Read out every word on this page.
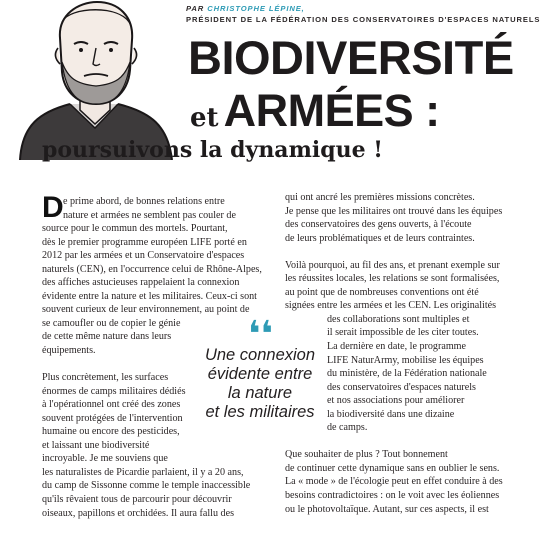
PAR CHRISTOPHE LÉPINE,
PRÉSIDENT DE LA FÉDÉRATION DES CONSERVATOIRES D'ESPACES NATURELS
BIODIVERSITÉ
et ARMÉES :
poursuivons la dynamique !
D e prime abord, de bonnes relations entre
nature et armées ne semblent pas couler de
source pour le commun des mortels. Pourtant,
dès le premier programme européen LIFE porté en
2012 par les armées et un Conservatoire d'espaces
naturels (CEN), en l'occurrence celui de Rhône-Alpes,
des affiches astucieuses rappelaient la connexion
évidente entre la nature et les militaires. Ceux-ci sont
souvent curieux de leur environnement, au point de
se camoufler ou de copier le génie
de cette même nature dans leurs
équipements.

Plus concrètement, les surfaces
énormes de camps militaires dédiés
à l'opérationnel ont créé des zones
souvent protégées de l'intervention
humaine ou encore des pesticides,
et laissant une biodiversité
incroyable. Je me souviens que
les naturalistes de Picardie parlaient, il y a 20 ans,
du camp de Sissonne comme le temple inaccessible
qu'ils rêvaient tous de parcourir pour découvrir
oiseaux, papillons et orchidées. Il aura fallu des

qui ont ancré les premières missions concrètes.
Je pense que les militaires ont trouvé dans les équipes
des conservatoires des gens ouverts, à l'écoute
de leurs problématiques et de leurs contraintes.

Voilà pourquoi, au fil des ans, et prenant exemple sur
les réussites locales, les relations se sont formalisées,
au point que de nombreuses conventions ont été
signées entre les armées et les CEN. Les originalités
des collaborations sont multiples et
il serait impossible de les citer toutes.
La dernière en date, le programme
LIFE NaturArmy, mobilise les équipes
du ministère, de la Fédération nationale
des conservatoires d'espaces naturels
et nos associations pour améliorer
la biodiversité dans une dizaine
de camps.

Que souhaiter de plus ? Tout bonnement
de continuer cette dynamique sans en oublier le sens.
La « mode » de l'écologie peut en effet conduire à des
besoins contradictoires : on le voit avec les éoliennes
ou le photovoltaïque. Autant, sur ces aspects, il est

❛❛
Une connexion
évidente entre
la nature
et les militaires
